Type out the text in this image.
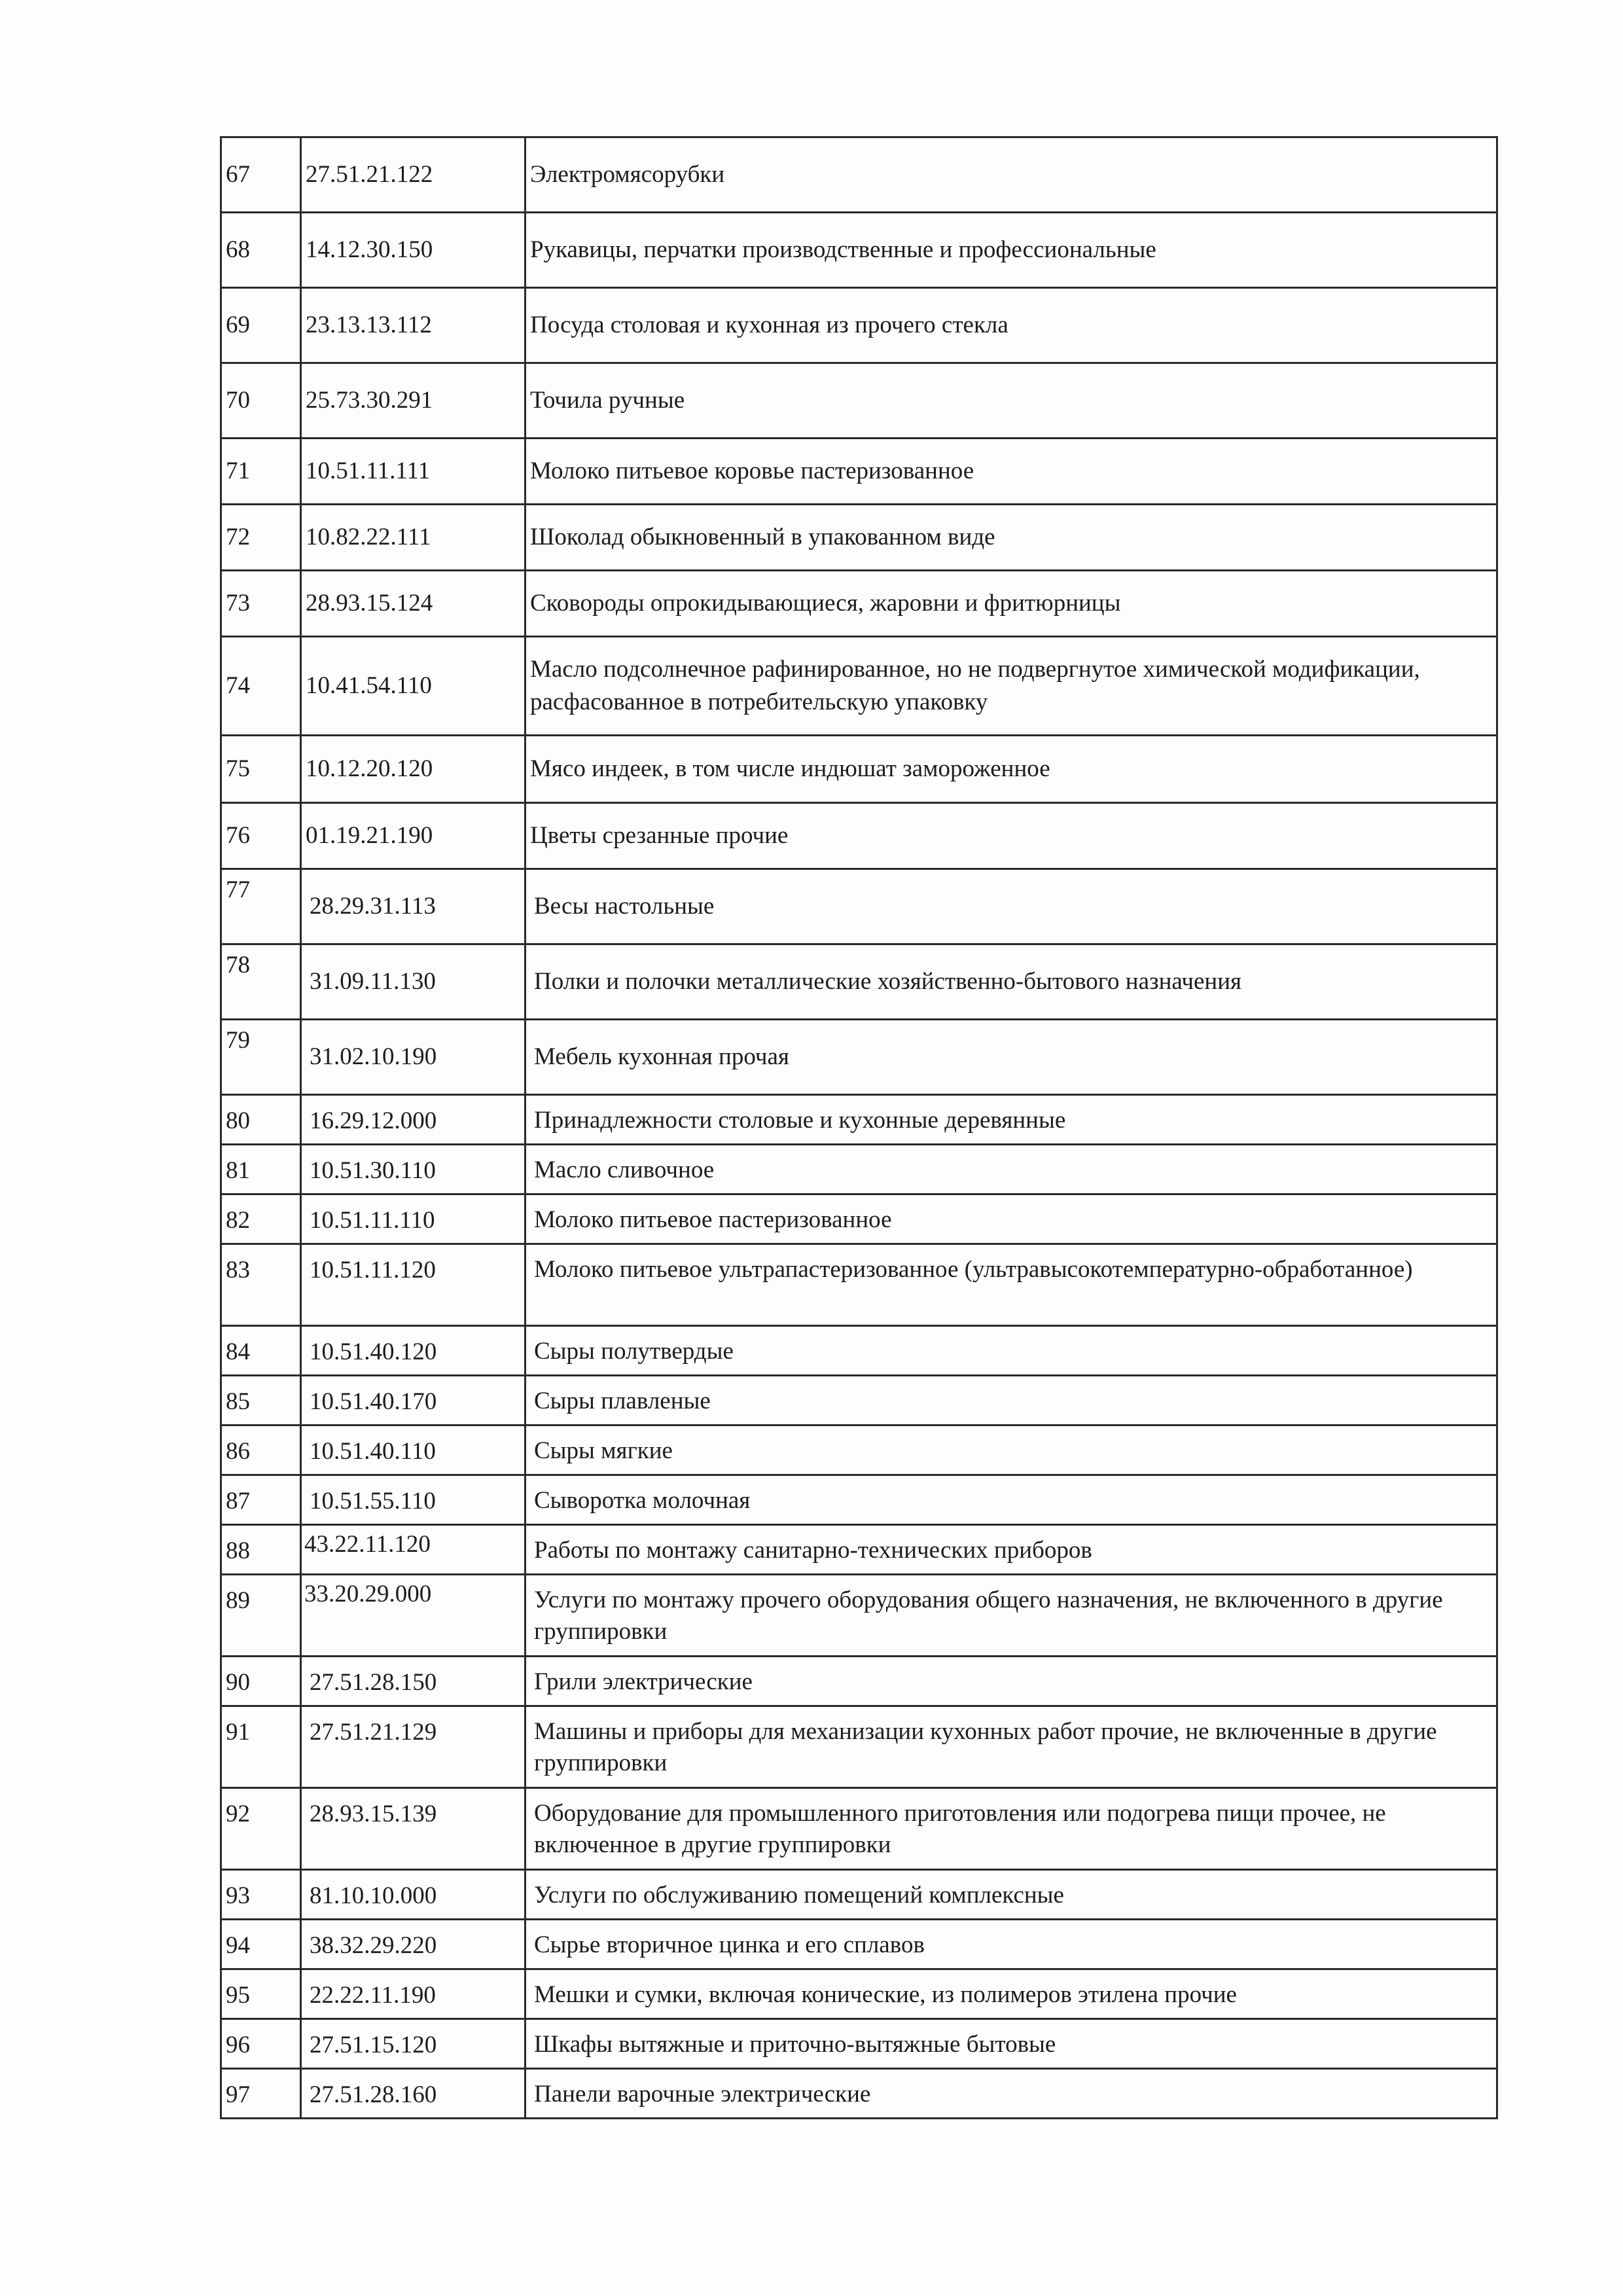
67	27.51.21.122	Электромясорубки
68	14.12.30.150	Рукавицы, перчатки производственные и профессиональные
69	23.13.13.112	Посуда столовая и кухонная из прочего стекла
70	25.73.30.291	Точила ручные
71	10.51.11.111	Молоко питьевое коровье пастеризованное
72	10.82.22.111	Шоколад обыкновенный в упакованном виде
73	28.93.15.124	Сковороды опрокидывающиеся, жаровни и фритюрницы
74	10.41.54.110	Масло подсолнечное рафинированное, но не подвергнутое химической модификации, расфасованное в потребительскую упаковку
75	10.12.20.120	Мясо индеек, в том числе индюшат замороженное
76	01.19.21.190	Цветы срезанные прочие
77	28.29.31.113	Весы настольные
78	31.09.11.130	Полки и полочки металлические хозяйственно-бытового назначения
79	31.02.10.190	Мебель кухонная прочая
80	16.29.12.000	Принадлежности столовые и кухонные деревянные
81	10.51.30.110	Масло сливочное
82	10.51.11.110	Молоко питьевое пастеризованное
83	10.51.11.120	Молоко питьевое ультрапастеризованное (ультравысокотемпературно-обработанное)
84	10.51.40.120	Сыры полутвердые
85	10.51.40.170	Сыры плавленые
86	10.51.40.110	Сыры мягкие
87	10.51.55.110	Сыворотка молочная
88	43.22.11.120	Работы по монтажу санитарно-технических приборов
89	33.20.29.000	Услуги по монтажу прочего оборудования общего назначения, не включенного в другие группировки
90	27.51.28.150	Грили электрические
91	27.51.21.129	Машины и приборы для механизации кухонных работ прочие, не включенные в другие группировки
92	28.93.15.139	Оборудование для промышленного приготовления или подогрева пищи прочее, не включенное в другие группировки
93	81.10.10.000	Услуги по обслуживанию помещений комплексные
94	38.32.29.220	Сырье вторичное цинка и его сплавов
95	22.22.11.190	Мешки и сумки, включая конические, из полимеров этилена прочие
96	27.51.15.120	Шкафы вытяжные и приточно-вытяжные бытовые
97	27.51.28.160	Панели варочные электрические
